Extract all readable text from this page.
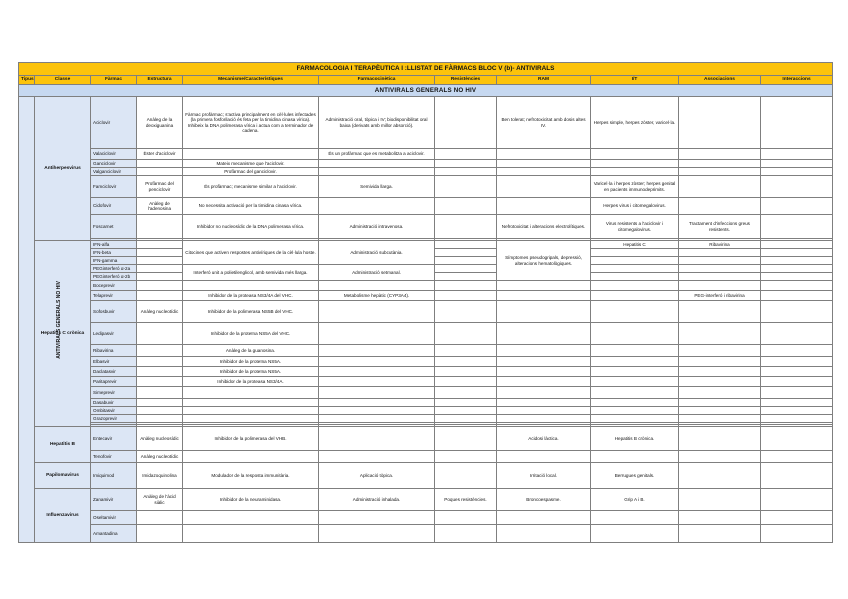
FARMACOLOGIA I TERAPÈUTICA I :LLISTAT DE FÀRMACS BLOC V (b)- ANTIVIRALS										
Tipus	Classe	Fàrmac	Estructura	Mecanisme/Característiques	Farmacocinètica	Resistències	RAM	I/T	Associacions	Interaccions
ANTIVIRALS GENERALS NO HIV										
ANTIVIRALS GENERALS NO HIV	Antiherpesvirus	Aciclovir	Anàleg de la deoxiguanina	Fàrmac profàrmac; s'activa principalment en cèl·lules infectades (la primera fosforilació és feta per la timidina cinasa vírica). Inhibeix la DNA polimerasa vírica i actua com a terminador de cadena.	Administració oral, tòpica i IV; biodisponibilitat oral baixa (derivats amb millor absorció).		Ben tolerat; nefrotoxicitat amb dosis altes IV.	Herpes simple, herpes zòster, varicel·la.		
		Valaciclovir	Èster d'aciclovir		És un profàrmac que es metabolitza a aciclovir.					
		Ganciclovir		Mateix mecanisme que l'aciclovir.						
		Valganciclovir		Profàrmac del ganciclovir.						
		Famciclovir	Profàrmac del penciclovir	És profàrmac; mecanisme similar a l'aciclovir.	Semivida llarga.			Varicel·la i herpes zòster; herpes genital en pacients immunodeprimits.		
		Cidofovir	Anàleg de l'adenosina	No necessita activació per la timidina cinasa vírica.				Herpes virus i citomegalovirus.		
		Foscarnet		Inhibidor no nucleosídic de la DNA polimerasa vírica.	Administració intravenosa.		Nefrotoxicitat i alteracions electrolítiques.	Virus resistents a l'aciclovir i citomegalovirus.	Tractament d'infeccions greus resistents.	

	Hepatitis C crònica	IFN-alfa		Citocines que activen respostes antivíriques de la cèl·lula hoste.	Administració subcutània.		Símptomes pseudogripals, depressió, alteracions hematològiques.	Hepatitis C	Ribavirina	
		IFN-beta								
		IFN-gamma								
		PEGinterferó α-2a		Interferó unit a polietilenglicol, amb semivida més llarga.	Administració setmanal.					
		PEGinterferó α-2b								
		Boceprevir								
		Telaprevir		Inhibidor de la proteasa NS3/4A del VHC.	Metabolisme hepàtic (CYP3A4).				PEG-interferó i ribavirina	
		Sofosbuvir	Anàleg nucleotídic	Inhibidor de la polimerasa NS5B del VHC.						
		Ledipasvir		Inhibidor de la proteïna NS5A del VHC.						
		Ribavirina		Anàleg de la guanosina.						
		Elbasvir		Inhibidor de la proteïna NS5A.						
		Daclatasvir		Inhibidor de la proteïna NS5A.						
		Paritaprevir		Inhibidor de la proteasa NS3/4A.						
		Simeprevir								
		Dasabuvir								
		Ombitasvir								
		Grazoprevir								

	Hepatitis B	Entecavir	Anàleg nucleosídic	Inhibidor de la polimerasa del VHB.			Acidosi làctica.	Hepatitis B crònica.		
		Tenofovir	Anàleg nucleotídic							
	Papilomavirus	Imiquimod	Imidazoquinolina	Modulador de la resposta immunitària.	Aplicació tòpica.		Irritació local.	Berrugues genitals.		
	Influenzavirus	Zanamivir	Anàleg de l'àcid siàlic	Inhibidor de la neuraminidasa.	Administració inhalada.	Poques resistències.	Broncoespasme.	Grip A i B.		
		Oseltamivir								
		Amantadina								
